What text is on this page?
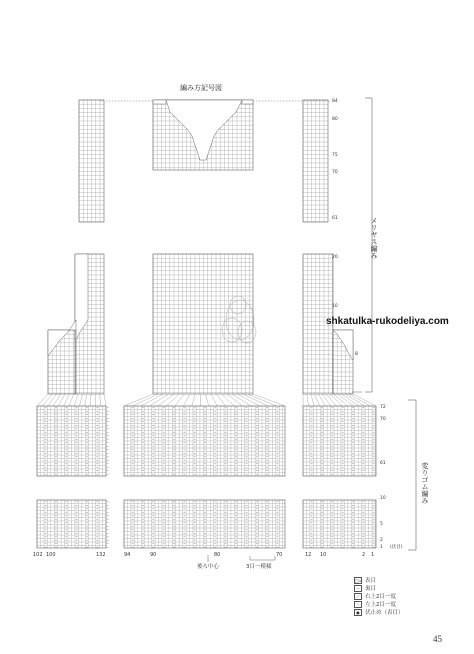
編み方記号図
shkatulka-rukodeliya.com
メリヤス編み
変りゴム編み
84
80
75
70
61
20
10
8
72
70
61
10
5
2
1 (伏目)
102 100	132	94	90	80	70	12 10	2 1
後ろ中心	3目一模様
□= 表目
− 裏目
⟋	右上2目一度
⟍	左上2目一度
● 伏止め（表目）
45
